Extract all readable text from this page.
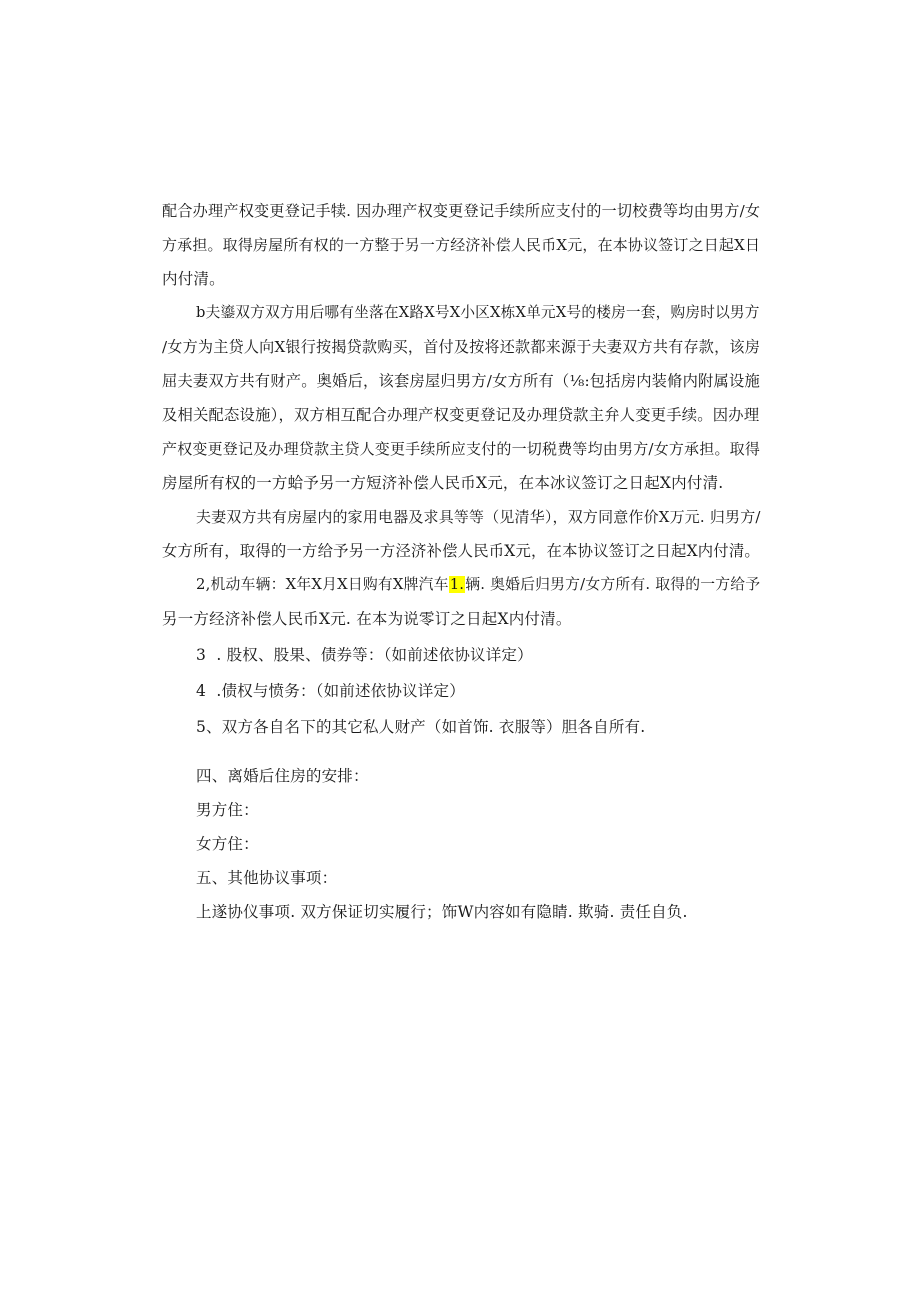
配合办理产权变更登记手犊. 因办理产权变更登记手续所应支付的一切校费等均由男方/女
方承担。取得房屋所有权的一方整于另一方经济补偿人民币X元，在本协议签订之日起X日
内付清。
b夫鎏双方双方用后哪有坐落在X路X号X小区X栋X单元X号的楼房一套，购房时以男方
/女方为主贷人向X银行按揭贷款购买，首付及按将还款都来源于夫妻双方共有存款，该房
屈夫妻双方共有财产。奥婚后，该套房屋归男方/女方所有（⅛:包括房内装脩内附属设施
及相关配态设施），双方相互配合办理产权变更登记及办理贷款主弁人变更手续。因办理
产权变更登记及办理贷款主贷人变更手续所应支付的一切税费等均由男方/女方承担。取得
房屋所有权的一方蛤予另一方短济补偿人民币X元，在本冰议签订之日起X内付清.
夫妻双方共有房屋内的家用电器及求具等等（见清华），双方同意作价X万元. 归男方/
女方所有，取得的一方给予另一方泾济补偿人民币X元，在本协议签订之日起X内付清。
2,机动车辆：X年X月X日购有X牌汽车1.辆. 奥婚后归男方/女方所有. 取得的一方给予
另一方经济补偿人民币X元. 在本为说零订之日起X内付清。
3  . 股权、股果、债券等：（如前述依协议详定）
4  .债权与愤务：（如前述依协议详定）
5、双方各自名下的其它私人财产（如首饰. 衣服等）胆各自所有.
四、离婚后住房的安排：
男方住：
女方住：
五、其他协议事项：
上遂协仪事项. 双方保证切实履行；饰W内容如有隐睛. 欺骑. 责任自负.
